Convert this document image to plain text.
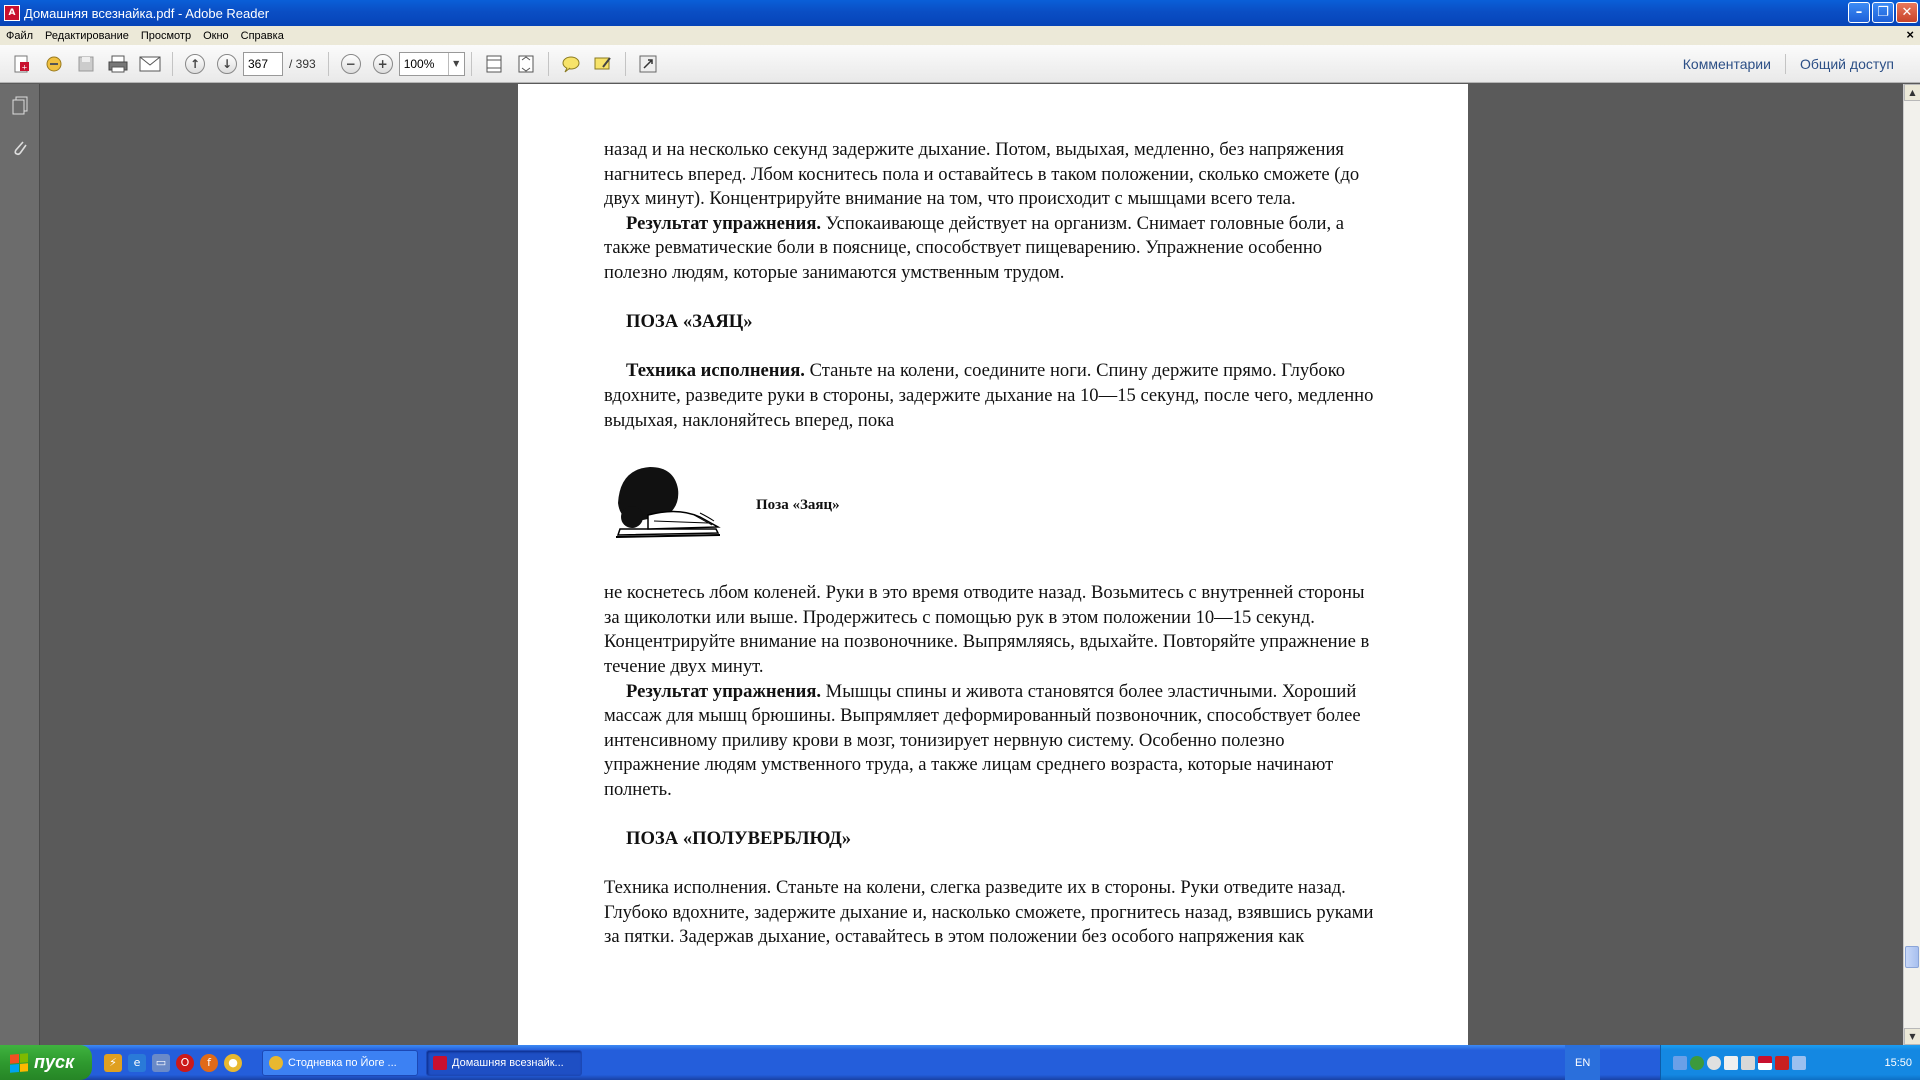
A Домашняя всезнайка.pdf - Adobe Reader	–	❐ ✕
Файл	Редактирование	Просмотр	Окно	Справка	×
+	↑	↓
367	/ 393	−	+	100%	▼	Комментарии	Общий доступ

назад и на несколько секунд задержите дыхание. Потом, выдыхая, медленно, без напряжения нагнитесь вперед. Лбом коснитесь пола и оставайтесь в таком положении, сколько сможете (до двух минут). Концентрируйте внимание на том, что происходит с мышцами всего тела.

Результат упражнения. Успокаивающе действует на организм. Снимает головные боли, а также ревматические боли в пояснице, способствует пищеварению. Упражнение особенно полезно людям, которые занимаются умственным трудом.

ПОЗА «ЗАЯЦ»

Техника исполнения. Станьте на колени, соедините ноги. Спину держите прямо. Глубоко вдохните, разведите руки в стороны, задержите дыхание на 10—15 секунд, после чего, медленно выдыхая, наклоняйтесь вперед, пока

Поза «Заяц»

не коснетесь лбом коленей. Руки в это время отводите назад. Возьмитесь с внутренней стороны за щиколотки или выше. Продержитесь с помощью рук в этом положении 10—15 секунд. Концентрируйте внимание на позвоночнике. Выпрямляясь, вдыхайте. Повторяйте упражнение в течение двух минут.

Результат упражнения. Мышцы спины и живота становятся более эластичными. Хороший массаж для мышц брюшины. Выпрямляет деформированный позвоночник, способствует более интенсивному приливу крови в мозг, тонизирует нервную систему. Особенно полезно упражнение людям умственного труда, а также лицам среднего возраста, которые начинают полнеть.

ПОЗА «ПОЛУВЕРБЛЮД»

Техника исполнения. Станьте на колени, слегка разведите их в стороны. Руки отведите назад. Глубоко вдохните, задержите дыхание и, насколько сможете, прогнитесь назад, взявшись руками за пятки. Задержав дыхание, оставайтесь в этом положении без особого напряжения как

▲
▼
пуск	⚡	e	▭	O	f	●	Стодневка по Йоге ...	Домашняя всезнайк...	EN	15:50
